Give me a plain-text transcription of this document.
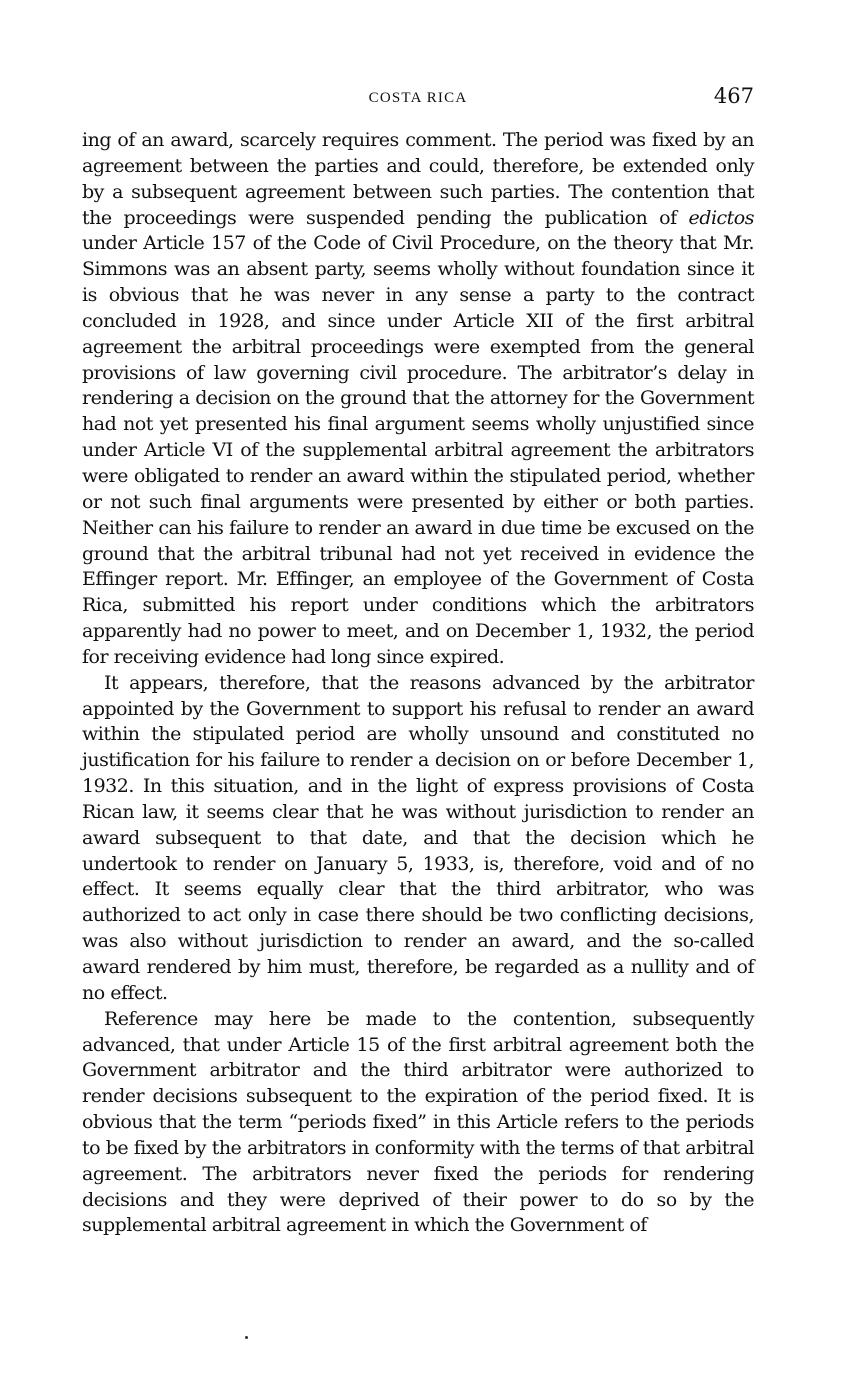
COSTA RICA	467

ing of an award, scarcely requires comment. The period was fixed by an agreement between the parties and could, therefore, be extended only by a subsequent agreement between such parties. The contention that the proceedings were suspended pending the publication of edictos under Article 157 of the Code of Civil Procedure, on the theory that Mr. Simmons was an absent party, seems wholly without foundation since it is obvious that he was never in any sense a party to the contract concluded in 1928, and since under Article XII of the first arbitral agreement the arbitral proceedings were exempted from the general provisions of law governing civil procedure. The arbitrator’s delay in rendering a decision on the ground that the attorney for the Government had not yet presented his final argument seems wholly unjustified since under Article VI of the supplemental arbitral agreement the arbitrators were obligated to render an award within the stipulated period, whether or not such final arguments were presented by either or both parties. Neither can his failure to render an award in due time be excused on the ground that the arbitral tribunal had not yet received in evidence the Effinger report. Mr. Effinger, an employee of the Government of Costa Rica, submitted his report under conditions which the arbitrators apparently had no power to meet, and on December 1, 1932, the period for receiving evidence had long since expired.

It appears, therefore, that the reasons advanced by the arbitrator appointed by the Government to support his refusal to render an award within the stipulated period are wholly unsound and constituted no justification for his failure to render a decision on or before December 1, 1932. In this situation, and in the light of express provisions of Costa Rican law, it seems clear that he was without jurisdiction to render an award subsequent to that date, and that the decision which he undertook to render on January 5, 1933, is, therefore, void and of no effect. It seems equally clear that the third arbitrator, who was authorized to act only in case there should be two conflicting decisions, was also without jurisdiction to render an award, and the so-called award rendered by him must, therefore, be regarded as a nullity and of no effect.

Reference may here be made to the contention, subsequently advanced, that under Article 15 of the first arbitral agreement both the Government arbitrator and the third arbitrator were authorized to render decisions subsequent to the expiration of the period fixed. It is obvious that the term “periods fixed” in this Article refers to the periods to be fixed by the arbitrators in conformity with the terms of that arbitral agreement. The arbitrators never fixed the periods for rendering decisions and they were deprived of their power to do so by the supplemental arbitral agreement in which the Government of
